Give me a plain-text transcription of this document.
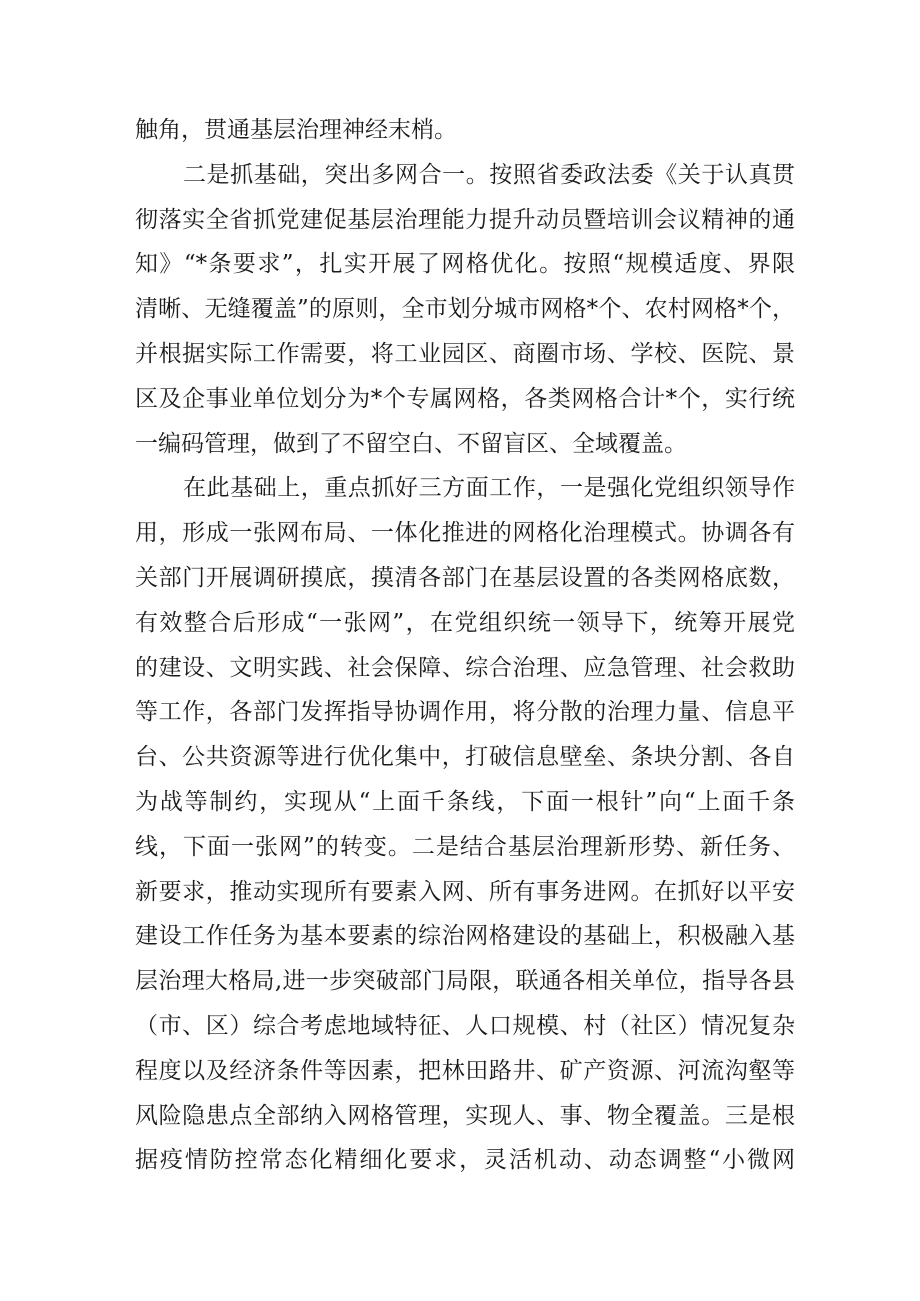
触角，贯通基层治理神经末梢。
二是抓基础，突出多网合一。按照省委政法委《关于认真贯
彻落实全省抓党建促基层治理能力提升动员暨培训会议精神的通
知》“*条要求”，扎实开展了网格优化。按照“规模适度、界限
清晰、无缝覆盖”的原则，全市划分城市网格*个、农村网格*个，
并根据实际工作需要，将工业园区、商圈市场、学校、医院、景
区及企事业单位划分为*个专属网格，各类网格合计*个，实行统
一编码管理，做到了不留空白、不留盲区、全域覆盖。
在此基础上，重点抓好三方面工作，一是强化党组织领导作
用，形成一张网布局、一体化推进的网格化治理模式。协调各有
关部门开展调研摸底，摸清各部门在基层设置的各类网格底数，
有效整合后形成“一张网”，在党组织统一领导下，统筹开展党
的建设、文明实践、社会保障、综合治理、应急管理、社会救助
等工作，各部门发挥指导协调作用，将分散的治理力量、信息平
台、公共资源等进行优化集中，打破信息壁垒、条块分割、各自
为战等制约，实现从“上面千条线，下面一根针”向“上面千条
线，下面一张网”的转变。二是结合基层治理新形势、新任务、
新要求，推动实现所有要素入网、所有事务进网。在抓好以平安
建设工作任务为基本要素的综治网格建设的基础上，积极融入基
层治理大格局,进一步突破部门局限，联通各相关单位，指导各县
（市、区）综合考虑地域特征、人口规模、村（社区）情况复杂
程度以及经济条件等因素，把林田路井、矿产资源、河流沟壑等
风险隐患点全部纳入网格管理，实现人、事、物全覆盖。三是根
据疫情防控常态化精细化要求，灵活机动、动态调整“小微网
